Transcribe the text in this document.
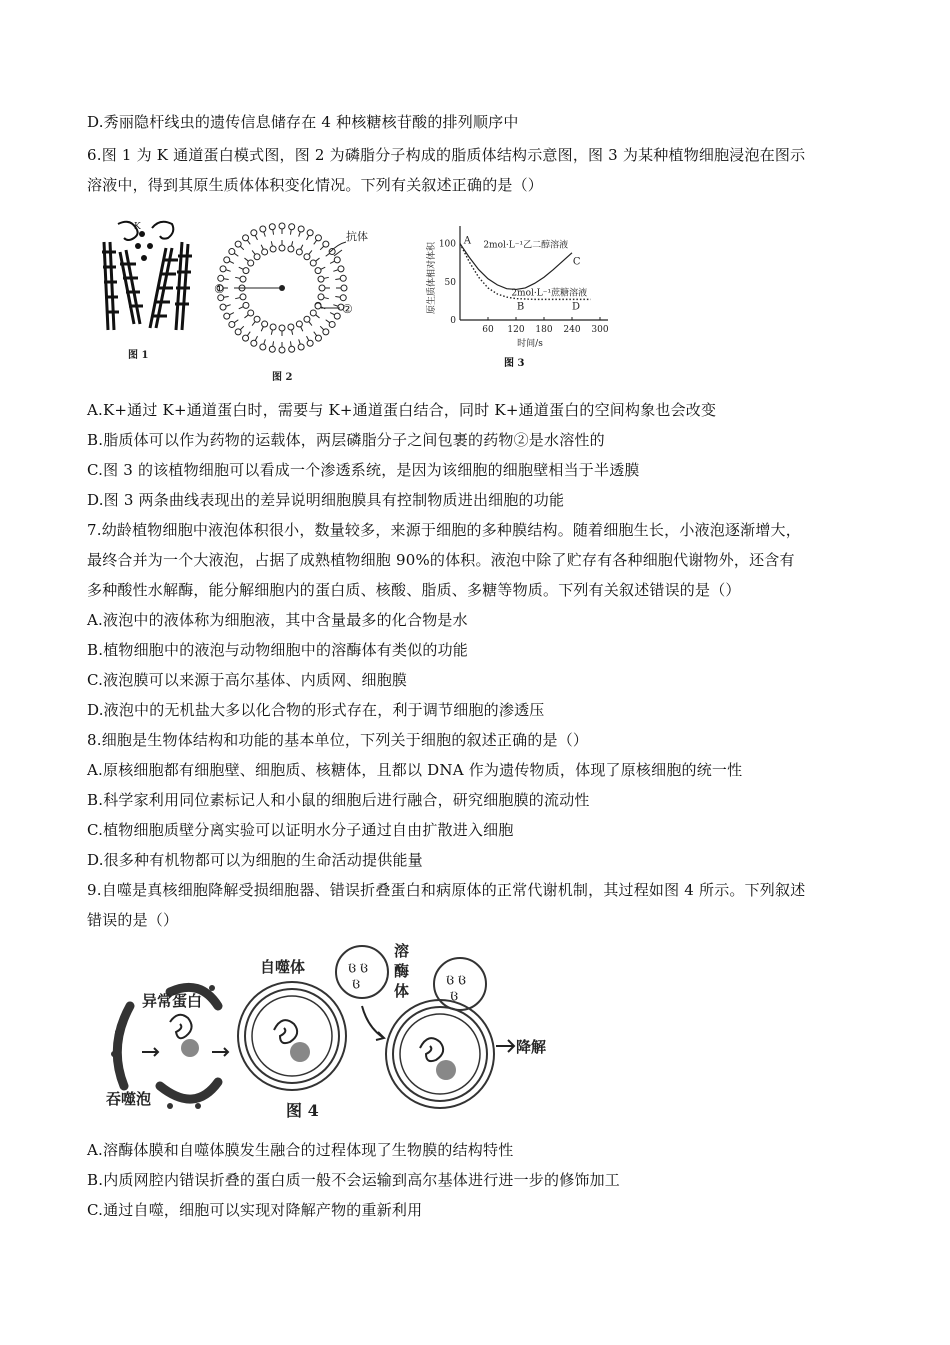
D.秀丽隐杆线虫的遗传信息储存在 4 种核糖核苷酸的排列顺序中
6.图 1 为 K 通道蛋白模式图，图 2 为磷脂分子构成的脂质体结构示意图，图 3 为某种植物细胞浸泡在图示
溶液中，得到其原生质体体积变化情况。下列有关叙述正确的是（）
K
图 1
①
②
抗体
图 2
60 120 180 240 300
0
50
100
原生质体相对体积
时间/s
2mol·L⁻¹乙二醇溶液
2mol·L⁻¹蔗糖溶液
A
C
B	D
图 3
A.K+通过 K+通道蛋白时，需要与 K+通道蛋白结合，同时 K+通道蛋白的空间构象也会改变
B.脂质体可以作为药物的运载体，两层磷脂分子之间包裹的药物②是水溶性的
C.图 3 的该植物细胞可以看成一个渗透系统，是因为该细胞的细胞壁相当于半透膜
D.图 3 两条曲线表现出的差异说明细胞膜具有控制物质进出细胞的功能
7.幼龄植物细胞中液泡体积很小，数量较多，来源于细胞的多种膜结构。随着细胞生长，小液泡逐渐增大，
最终合并为一个大液泡，占据了成熟植物细胞 90%的体积。液泡中除了贮存有各种细胞代谢物外，还含有
多种酸性水解酶，能分解细胞内的蛋白质、核酸、脂质、多糖等物质。下列有关叙述错误的是（）
A.液泡中的液体称为细胞液，其中含量最多的化合物是水
B.植物细胞中的液泡与动物细胞中的溶酶体有类似的功能
C.液泡膜可以来源于高尔基体、内质网、细胞膜
D.液泡中的无机盐大多以化合物的形式存在，利于调节细胞的渗透压
8.细胞是生物体结构和功能的基本单位，下列关于细胞的叙述正确的是（）
A.原核细胞都有细胞壁、细胞质、核糖体，且都以 DNA 作为遗传物质，体现了原核细胞的统一性
B.科学家利用同位素标记人和小鼠的细胞后进行融合，研究细胞膜的流动性
C.植物细胞质壁分离实验可以证明水分子通过自由扩散进入细胞
D.很多种有机物都可以为细胞的生命活动提供能量
9.自噬是真核细胞降解受损细胞器、错误折叠蛋白和病原体的正常代谢机制，其过程如图 4 所示。下列叙述
错误的是（）
异常蛋白
吞噬泡
自噬体	ც ც
ც
溶
酶
体
ც ც
ც
降解
图 4
A.溶酶体膜和自噬体膜发生融合的过程体现了生物膜的结构特性
B.内质网腔内错误折叠的蛋白质一般不会运输到高尔基体进行进一步的修饰加工
C.通过自噬，细胞可以实现对降解产物的重新利用
